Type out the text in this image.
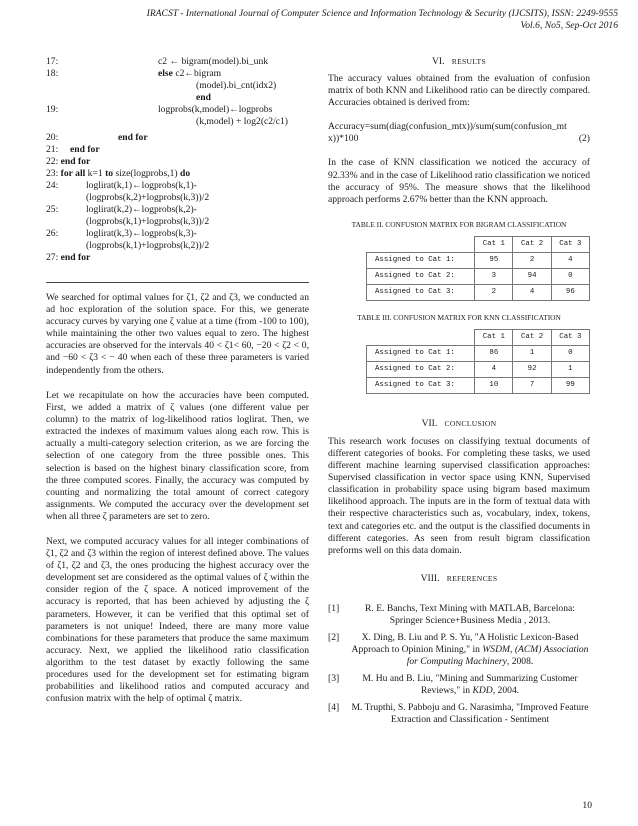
IRACST - International Journal of Computer Science and Information Technology & Security (IJCSITS), ISSN: 2249-9555
Vol.6, No5, Sep-Oct 2016
17:	c2 ← bigram(model).bi_unk
18:	else c2←bigram
(model).bi_cnt(idx2)
end
19:	logprobs(k,model)←logprobs
(k,model) + log2(c2/c1)
20:	end for
21: end for
22: end for
23: for all k=1 to size(logprobs,1) do
24:	loglirat(k,1)←logprobs(k,1)-
(logprobs(k,2)+logprobs(k,3))/2
25:	loglirat(k,2)←logprobs(k,2)-
(logprobs(k,1)+logprobs(k,3))/2
26:	loglirat(k,3)←logprobs(k,3)-
(logprobs(k,1)+logprobs(k,2))/2
27: end for

We searched for optimal values for ζ1, ζ2 and ζ3, we conducted an ad hoc exploration of the solution space. For this, we generate accuracy curves by varying one ζ value at a time (from -100 to 100), while maintaining the other two values equal to zero. The highest accuracies are observed for the intervals 40 < ζ1< 60, −20 < ζ2 < 0, and −60 < ζ3 < − 40 when each of these three parameters is varied independently from the others.

Let we recapitulate on how the accuracies have been computed. First, we added a matrix of ζ values (one different value per column) to the matrix of log-likelihood ratios loglirat. Then, we extracted the indexes of maximum values along each row. This is actually a multi-category selection criterion, as we are forcing the selection of one category from the three possible ones. This selection is based on the highest binary classification score, from the three computed scores. Finally, the accuracy was computed by counting and normalizing the total amount of correct category assignments. We computed the accuracy over the development set when all three ζ parameters are set to zero.

Next, we computed accuracy values for all integer combinations of ζ1, ζ2 and ζ3 within the region of interest defined above. The values of ζ1, ζ2 and ζ3, the ones producing the highest accuracy over the development set are considered as the optimal values of ζ within the consider region of the ζ space. A noticed improvement of the accuracy is reported, that has been achieved by adjusting the ζ parameters. However, it can be verified that this optimal set of parameters is not unique! Indeed, there are many more value combinations for these parameters that produce the same maximum accuracy. Next, we applied the likelihood ratio classification algorithm to the test dataset by exactly following the same procedures used for the development set for estimating bigram probabilities and likelihood ratios and computed accuracy and confusion matrix with the help of optimal ζ matrix.

VI. RESULTS

The accuracy values obtained from the evaluation of confusion matrix of both KNN and Likelihood ratio can be directly compared. Accuracies obtained is derived from:

Accuracy=sum(diag(confusion_mtx))/sum(sum(confusion_mt x))*100	(2)

In the case of KNN classification we noticed the accuracy of 92.33% and in the case of Likelihood ratio classification we noticed the accuracy of 95%. The measure shows that the likelihood approach performs 2.67% better than the KNN approach.

TABLE II. CONFUSION MATRIX FOR BIGRAM CLASSIFICATION

	Cat 1	Cat 2	Cat 3
Assigned to Cat 1:	95	2	4
Assigned to Cat 2:	3	94	0
Assigned to Cat 3:	2	4	96

TABLE III. CONFUSION MATRIX FOR KNN CLASSIFICATION

	Cat 1	Cat 2	Cat 3
Assigned to Cat 1:	86	1	0
Assigned to Cat 2:	4	92	1
Assigned to Cat 3:	10	7	99

VII. CONCLUSION

This research work focuses on classifying textual documents of different categories of books. For completing these tasks, we used different machine learning supervised classification approaches: Supervised classification in vector space using KNN, Supervised classification in probability space using bigram based maximum likelihood approach. The inputs are in the form of textual data with their respective characteristics such as, vocabulary, index, tokens, text and categories etc. and the output is the classified documents in different categories. As seen from result bigram classification preforms well on this data domain.

VIII. REFERENCES

[1]	R. E. Banchs, Text Mining with MATLAB, Barcelona: Springer Science+Business Media , 2013.
[2]	X. Ding, B. Liu and P. S. Yu, "A Holistic Lexicon-Based Approach to Opinion Mining," in WSDM, (ACM) Association for Computing Machinery, 2008.
[3]	M. Hu and B. Liu, "Mining and Summarizing Customer Reviews," in KDD, 2004.
[4]	M. Trupthi, S. Pabboju and G. Narasimha, "Improved Feature Extraction and Classification - Sentiment
10
